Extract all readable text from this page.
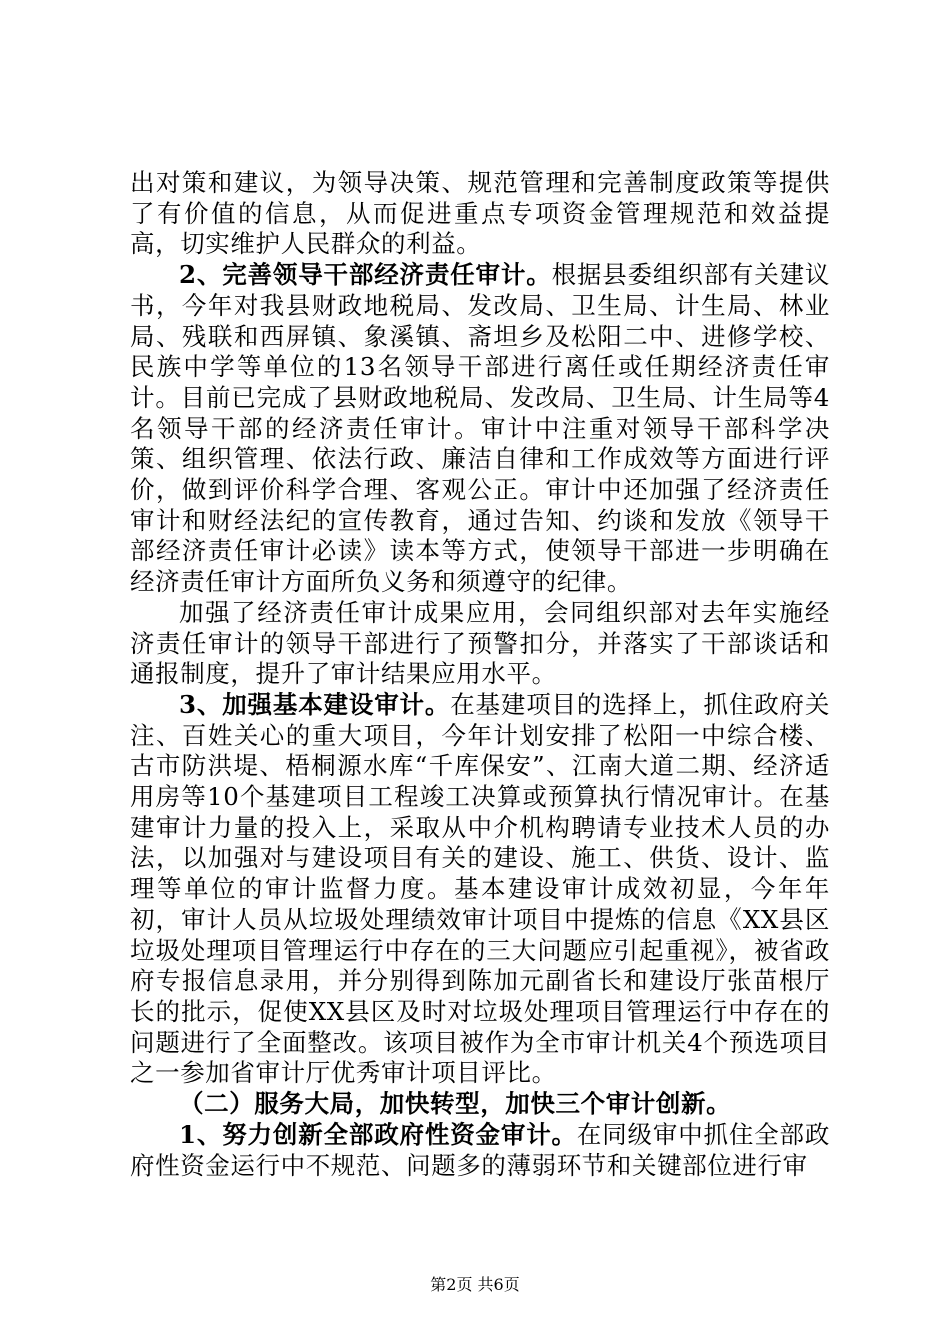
出对策和建议，为领导决策、规范管理和完善制度政策等提供了有价值的信息，从而促进重点专项资金管理规范和效益提高，切实维护人民群众的利益。

2、完善领导干部经济责任审计。根据县委组织部有关建议书，今年对我县财政地税局、发改局、卫生局、计生局、林业局、残联和西屏镇、象溪镇、斋坦乡及松阳二中、进修学校、民族中学等单位的13名领导干部进行离任或任期经济责任审计。目前已完成了县财政地税局、发改局、卫生局、计生局等4名领导干部的经济责任审计。审计中注重对领导干部科学决策、组织管理、依法行政、廉洁自律和工作成效等方面进行评价，做到评价科学合理、客观公正。审计中还加强了经济责任审计和财经法纪的宣传教育，通过告知、约谈和发放《领导干部经济责任审计必读》读本等方式，使领导干部进一步明确在经济责任审计方面所负义务和须遵守的纪律。

加强了经济责任审计成果应用，会同组织部对去年实施经济责任审计的领导干部进行了预警扣分，并落实了干部谈话和通报制度，提升了审计结果应用水平。

3、加强基本建设审计。在基建项目的选择上，抓住政府关注、百姓关心的重大项目，今年计划安排了松阳一中综合楼、古市防洪堤、梧桐源水库“千库保安”、江南大道二期、经济适用房等10个基建项目工程竣工决算或预算执行情况审计。在基建审计力量的投入上，采取从中介机构聘请专业技术人员的办法，以加强对与建设项目有关的建设、施工、供货、设计、监理等单位的审计监督力度。基本建设审计成效初显，今年年初，审计人员从垃圾处理绩效审计项目中提炼的信息《XX县区垃圾处理项目管理运行中存在的三大问题应引起重视》，被省政府专报信息录用，并分别得到陈加元副省长和建设厅张苗根厅长的批示，促使XX县区及时对垃圾处理项目管理运行中存在的问题进行了全面整改。该项目被作为全市审计机关4个预选项目之一参加省审计厅优秀审计项目评比。

（二）服务大局，加快转型，加快三个审计创新。

1、努力创新全部政府性资金审计。在同级审中抓住全部政府性资金运行中不规范、问题多的薄弱环节和关键部位进行审

第2页 共6页
